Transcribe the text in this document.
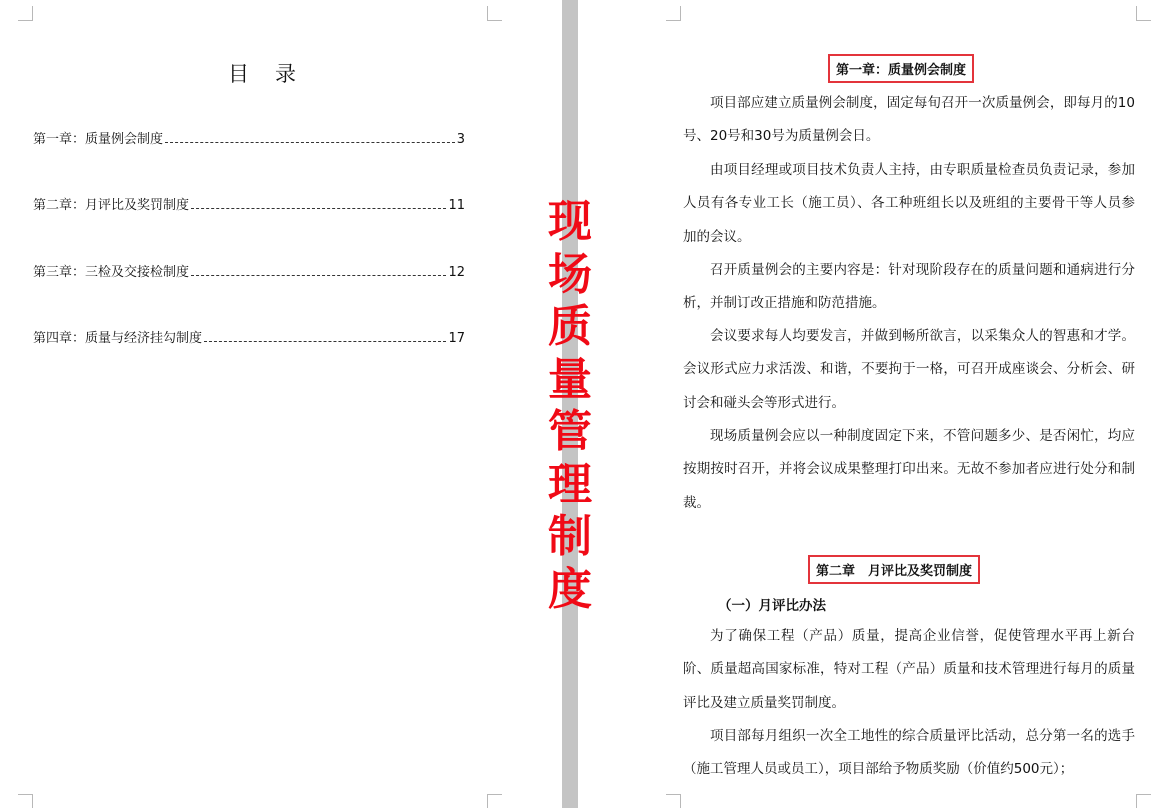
目录
第一章：质量例会制度	3
第二章：月评比及奖罚制度	11
第三章：三检及交接检制度	12
第四章：质量与经济挂勾制度	17
现场质量管理制度
第一章：质量例会制度

项目部应建立质量例会制度，固定每旬召开一次质量例会，即每月的10号、20号和30号为质量例会日。

由项目经理或项目技术负责人主持，由专职质量检查员负责记录，参加人员有各专业工长（施工员）、各工种班组长以及班组的主要骨干等人员参加的会议。

召开质量例会的主要内容是：针对现阶段存在的质量问题和通病进行分析，并制订改正措施和防范措施。

会议要求每人均要发言，并做到畅所欲言，以采集众人的智惠和才学。会议形式应力求活泼、和谐，不要拘于一格，可召开成座谈会、分析会、研讨会和碰头会等形式进行。

现场质量例会应以一种制度固定下来，不管问题多少、是否闲忙，均应按期按时召开，并将会议成果整理打印出来。无故不参加者应进行处分和制裁。

第二章　月评比及奖罚制度
（一）月评比办法

为了确保工程（产品）质量，提高企业信誉，促使管理水平再上新台阶、质量超高国家标准，特对工程（产品）质量和技术管理进行每月的质量评比及建立质量奖罚制度。

项目部每月组织一次全工地性的综合质量评比活动，总分第一名的选手（施工管理人员或员工），项目部给予物质奖励（价值约500元）；
